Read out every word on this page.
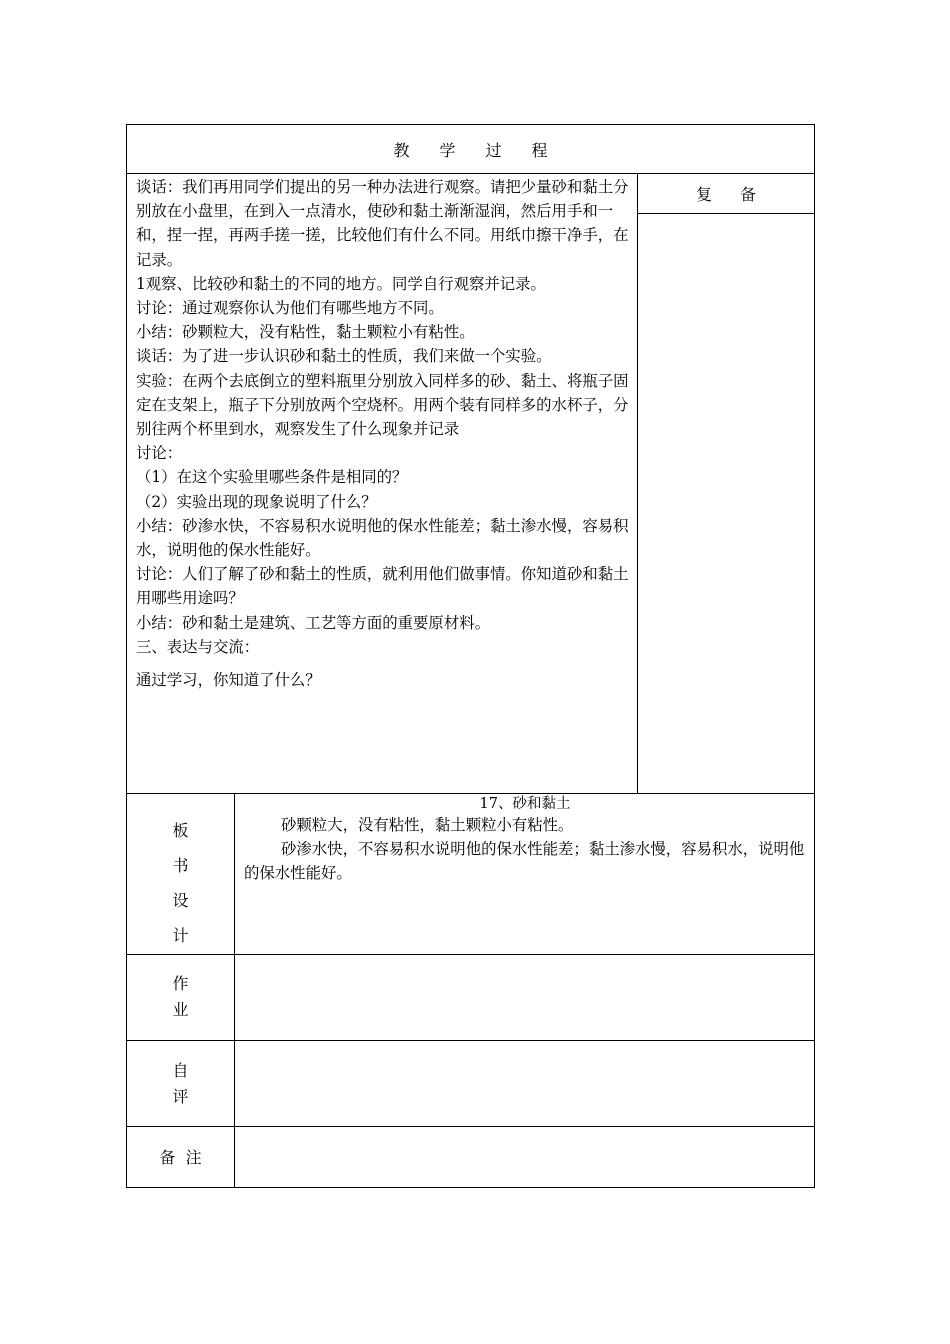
教学过程
复备

谈话：我们再用同学们提出的另一种办法进行观察。请把少量砂和黏土分别放在小盘里，在到入一点清水，使砂和黏土渐渐湿润，然后用手和一和，捏一捏，再两手搓一搓，比较他们有什么不同。用纸巾擦干净手，在记录。

1观察、比较砂和黏土的不同的地方。同学自行观察并记录。

讨论：通过观察你认为他们有哪些地方不同。

小结：砂颗粒大，没有粘性，黏土颗粒小有粘性。

谈话：为了进一步认识砂和黏土的性质，我们来做一个实验。

实验：在两个去底倒立的塑料瓶里分别放入同样多的砂、黏土、将瓶子固定在支架上，瓶子下分别放两个空烧杯。用两个装有同样多的水杯子，分别往两个杯里到水，观察发生了什么现象并记录

讨论：

（1）在这个实验里哪些条件是相同的？

（2）实验出现的现象说明了什么？

小结：砂渗水快，不容易积水说明他的保水性能差；黏土渗水慢，容易积水，说明他的保水性能好。

讨论：人们了解了砂和黏土的性质，就利用他们做事情。你知道砂和黏土用哪些用途吗？

小结：砂和黏土是建筑、工艺等方面的重要原材料。

三、表达与交流：

通过学习，你知道了什么？

板
书
设
计

17、砂和黏土

砂颗粒大，没有粘性，黏土颗粒小有粘性。

砂渗水快，不容易积水说明他的保水性能差；黏土渗水慢，容易积水，说明他的保水性能好。

作
业
自
评
备  注
